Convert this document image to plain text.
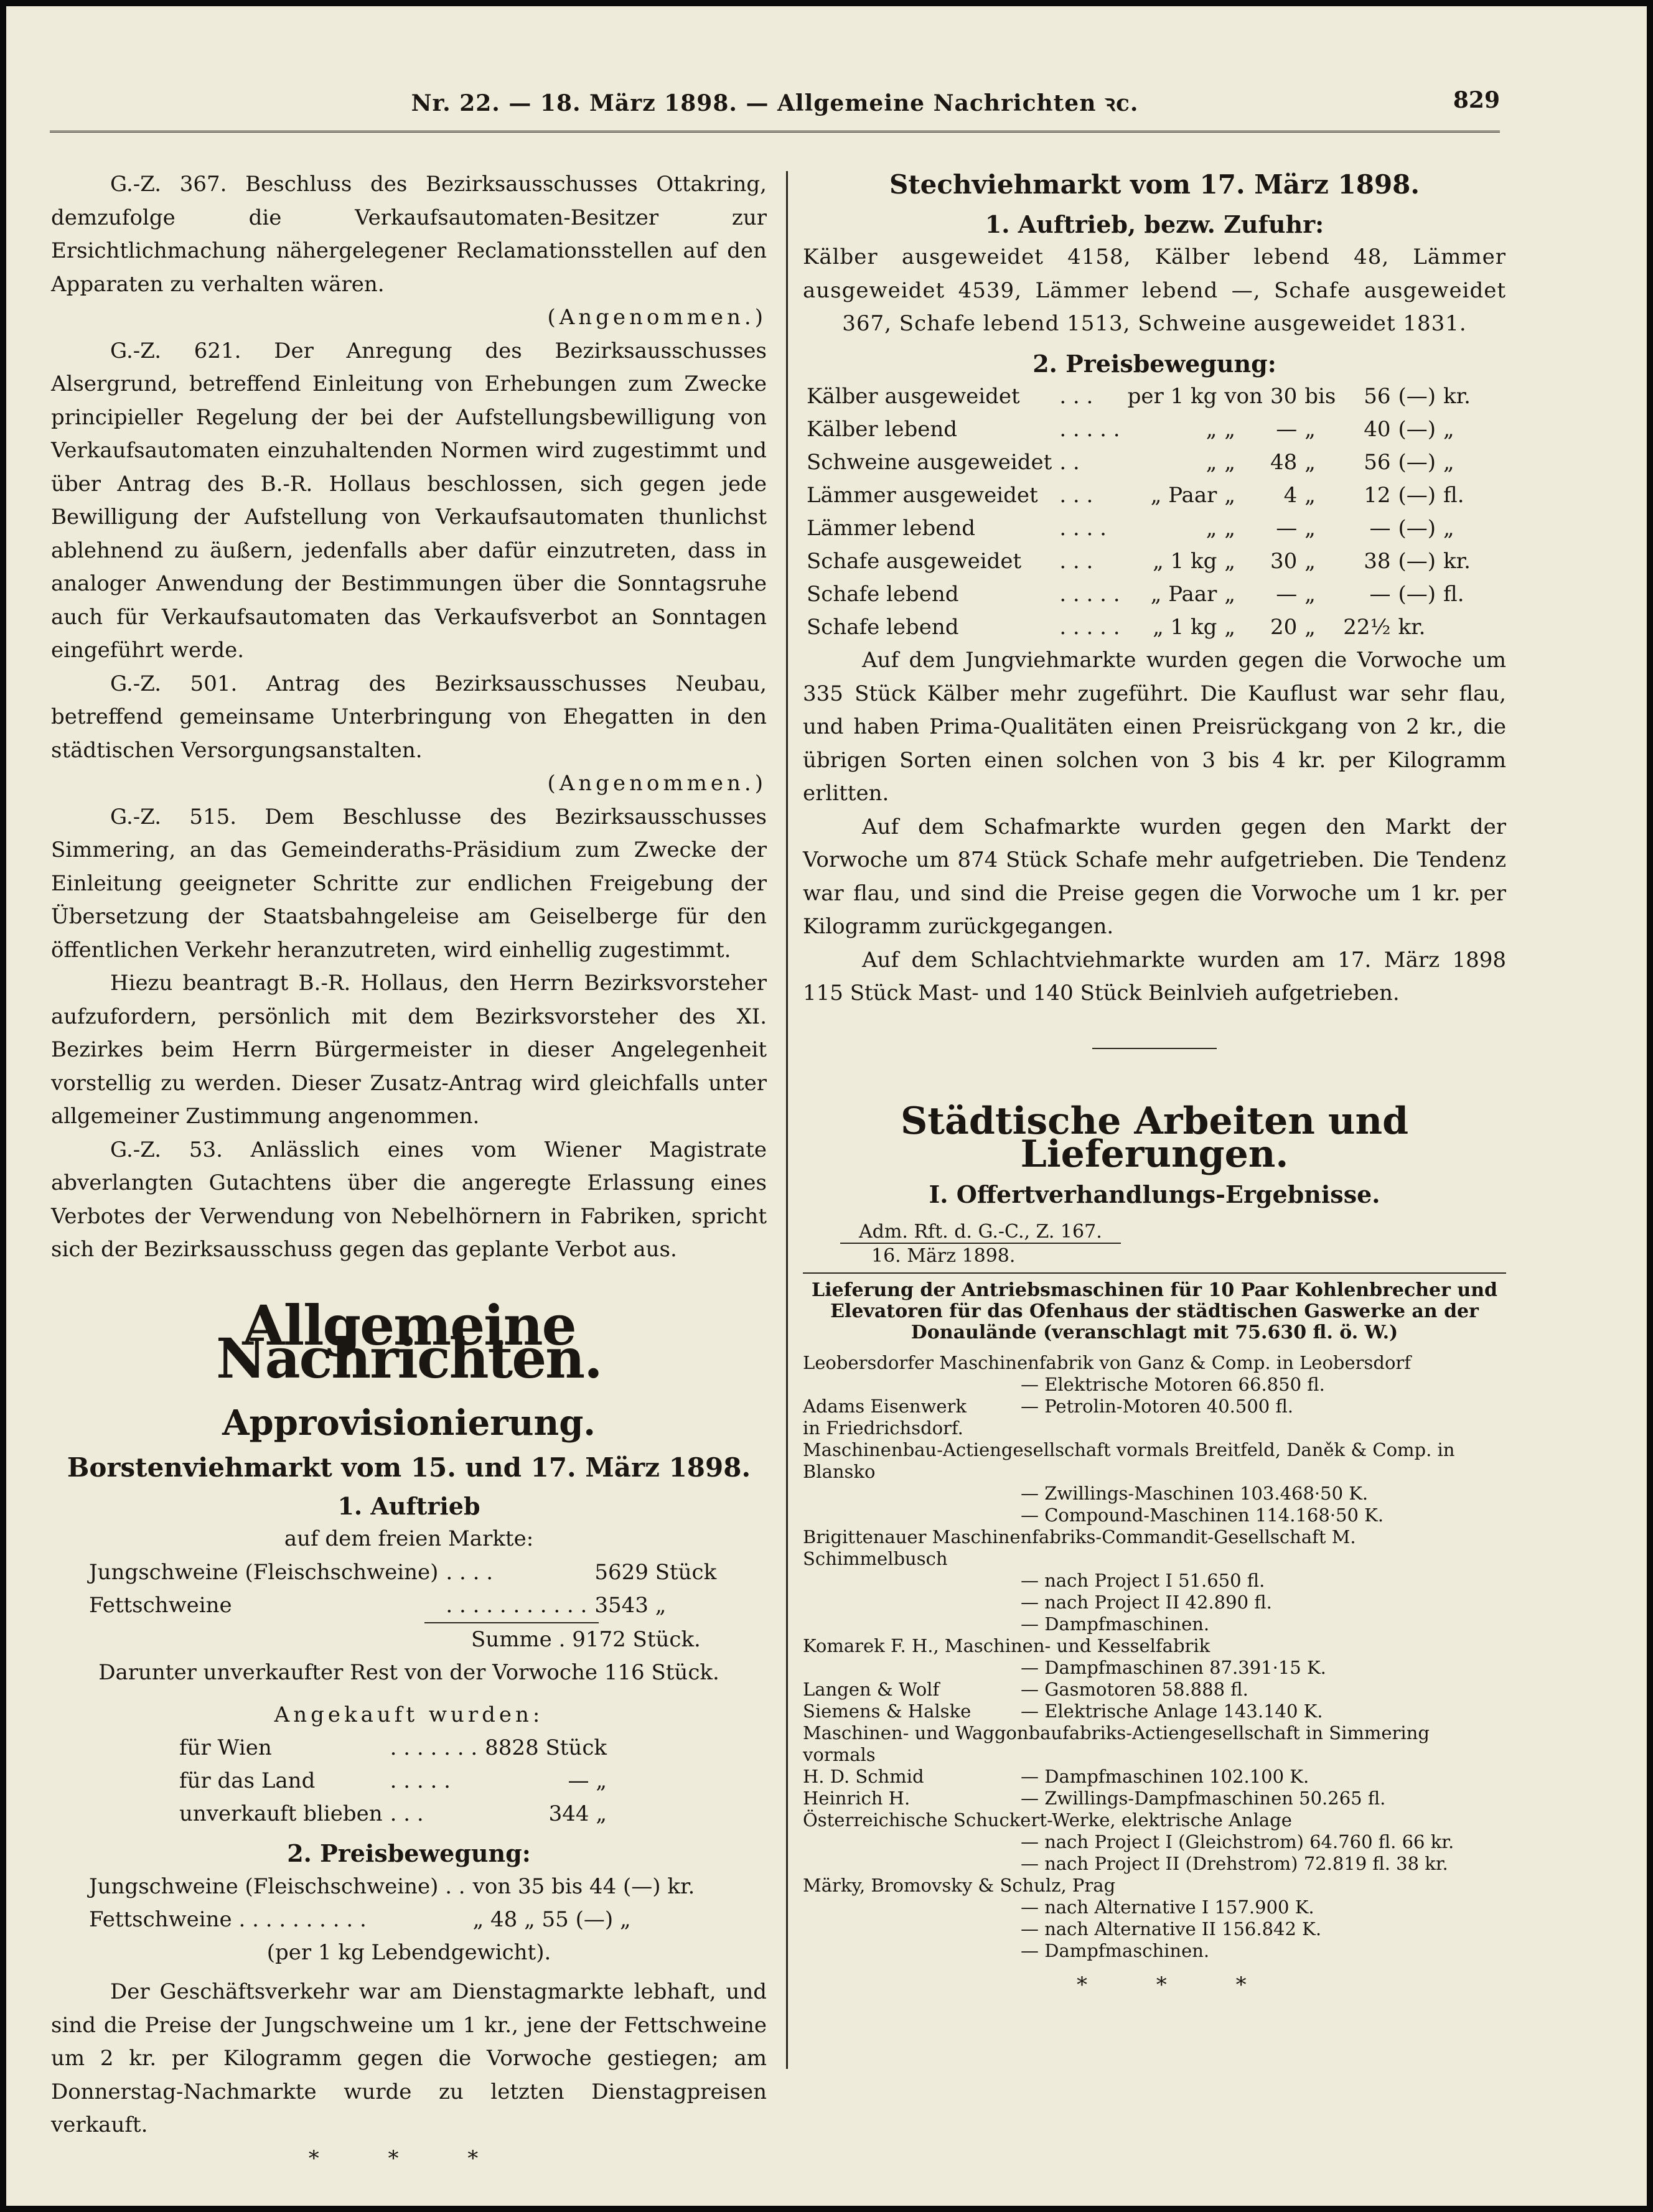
Nr. 22. — 18. März 1898. — Allgemeine Nachrichten ꝛc.	829

G.-Z. 367. Beschluss des Bezirksausschusses Ottakring, demzufolge die Verkaufsautomaten-Besitzer zur Ersichtlichmachung nähergelegener Reclamationsstellen auf den Apparaten zu verhalten wären.

(Angenommen.)

G.-Z. 621. Der Anregung des Bezirksausschusses Alsergrund, betreffend Einleitung von Erhebungen zum Zwecke principieller Regelung der bei der Aufstellungsbewilligung von Verkaufsautomaten einzuhaltenden Normen wird zugestimmt und über Antrag des B.-R. Hollaus beschlossen, sich gegen jede Bewilligung der Aufstellung von Verkaufsautomaten thunlichst ablehnend zu äußern, jedenfalls aber dafür einzutreten, dass in analoger Anwendung der Bestimmungen über die Sonntagsruhe auch für Verkaufsautomaten das Verkaufsverbot an Sonntagen eingeführt werde.

G.-Z. 501. Antrag des Bezirksausschusses Neubau, betreffend gemeinsame Unterbringung von Ehegatten in den städtischen Versorgungsanstalten.

(Angenommen.)

G.-Z. 515. Dem Beschlusse des Bezirksausschusses Simmering, an das Gemeinderaths-Präsidium zum Zwecke der Einleitung geeigneter Schritte zur endlichen Freigebung der Übersetzung der Staatsbahngeleise am Geiselberge für den öffentlichen Verkehr heranzutreten, wird einhellig zugestimmt.

Hiezu beantragt B.-R. Hollaus, den Herrn Bezirksvorsteher aufzufordern, persönlich mit dem Bezirksvorsteher des XI. Bezirkes beim Herrn Bürgermeister in dieser Angelegenheit vorstellig zu werden. Dieser Zusatz-Antrag wird gleichfalls unter allgemeiner Zustimmung angenommen.

G.-Z. 53. Anlässlich eines vom Wiener Magistrate abverlangten Gutachtens über die angeregte Erlassung eines Verbotes der Verwendung von Nebelhörnern in Fabriken, spricht sich der Bezirksausschuss gegen das geplante Verbot aus.

Allgemeine Nachrichten.
Approvisionierung.
Borstenviehmarkt vom 15. und 17. März 1898.
1. Auftrieb

auf dem freien Markte:

Jungschweine (Fleischschweine)	. . . .	5629 Stück
Fettschweine	. . . . . . . . . . .	3543 „

Summe . 9172 Stück.

Darunter unverkaufter Rest von der Vorwoche 116 Stück.

Angekauft wurden:

für Wien	. . . . . . .	8828 Stück
für das Land	. . . . .	— „
unverkauft blieben	. . .	344 „
2. Preisbewegung:
Jungschweine (Fleischschweine) . .	von 35 bis 44 (—) kr.
Fettschweine . . . . . . . . . .	„ 48 „ 55 (—) „

(per 1 kg Lebendgewicht).

Der Geschäftsverkehr war am Dienstagmarkte lebhaft, und sind die Preise der Jungschweine um 1 kr., jene der Fettschweine um 2 kr. per Kilogramm gegen die Vorwoche gestiegen; am Donnerstag-Nachmarkte wurde zu letzten Dienstagpreisen verkauft.

* * *
Stechviehmarkt vom 17. März 1898.
1. Auftrieb, bezw. Zufuhr:

Kälber ausgeweidet 4158, Kälber lebend 48, Lämmer ausgeweidet 4539, Lämmer lebend —, Schafe ausgeweidet 367, Schafe lebend 1513, Schweine ausgeweidet 1831.

2. Preisbewegung:
Kälber ausgeweidet	. . .	per 1 kg	von	30	bis	56	(—)	kr.
Kälber lebend	. . . . .	„	„	—	„	40	(—)	„
Schweine ausgeweidet	. .	„	„	48	„	56	(—)	„
Lämmer ausgeweidet	. . .	„ Paar	„	4	„	12	(—)	fl.
Lämmer lebend	. . . .	„	„	—	„	—	(—)	„
Schafe ausgeweidet	. . .	„ 1 kg	„	30	„	38	(—)	kr.
Schafe lebend	. . . . .	„ Paar	„	—	„	—	(—)	fl.
Schafe lebend	. . . . .	„ 1 kg	„	20	„	22½	kr.	

Auf dem Jungviehmarkte wurden gegen die Vorwoche um 335 Stück Kälber mehr zugeführt. Die Kauflust war sehr flau, und haben Prima-Qualitäten einen Preisrückgang von 2 kr., die übrigen Sorten einen solchen von 3 bis 4 kr. per Kilogramm erlitten.

Auf dem Schafmarkte wurden gegen den Markt der Vorwoche um 874 Stück Schafe mehr aufgetrieben. Die Tendenz war flau, und sind die Preise gegen die Vorwoche um 1 kr. per Kilogramm zurückgegangen.

Auf dem Schlachtviehmarkte wurden am 17. März 1898 115 Stück Mast- und 140 Stück Beinlvieh aufgetrieben.

Städtische Arbeiten und Lieferungen.
I. Offertverhandlungs-Ergebnisse.
Adm. Rft. d. G.-C., Z. 167.
16. März 1898.

Lieferung der Antriebsmaschinen für 10 Paar Kohlenbrecher und Elevatoren für das Ofenhaus der städtischen Gaswerke an der Donaulände (veranschlagt mit 75.630 fl. ö. W.)

Leobersdorfer Maschinenfabrik von Ganz & Comp. in Leobersdorf
— Elektrische Motoren 66.850 fl.
Adams Eisenwerk	— Petrolin-Motoren 40.500 fl.
in Friedrichsdorf.
Maschinenbau-Actiengesellschaft vormals Breitfeld, Daněk & Comp. in Blansko
— Zwillings-Maschinen 103.468·50 K.
— Compound-Maschinen 114.168·50 K.
Brigittenauer Maschinenfabriks-Commandit-Gesellschaft M. Schimmelbusch
— nach Project I 51.650 fl.
— nach Project II 42.890 fl.
— Dampfmaschinen.
Komarek F. H., Maschinen- und Kesselfabrik
— Dampfmaschinen 87.391·15 K.
Langen & Wolf	— Gasmotoren 58.888 fl.
Siemens & Halske	— Elektrische Anlage 143.140 K.
Maschinen- und Waggonbaufabriks-Actiengesellschaft in Simmering vormals
H. D. Schmid	— Dampfmaschinen 102.100 K.
Heinrich H.	— Zwillings-Dampfmaschinen 50.265 fl.
Österreichische Schuckert-Werke, elektrische Anlage
— nach Project I (Gleichstrom) 64.760 fl. 66 kr.
— nach Project II (Drehstrom) 72.819 fl. 38 kr.
Märky, Bromovsky & Schulz, Prag
— nach Alternative I 157.900 K.
— nach Alternative II 156.842 K.
— Dampfmaschinen.
* * *
